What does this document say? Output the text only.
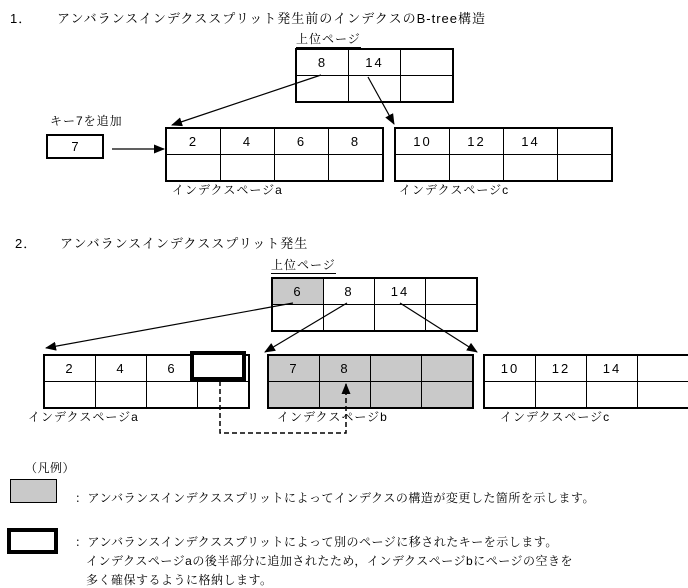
1．	アンバランスインデクススプリット発生前のインデクスのB-tree構造
上位ページ
8	14	

キー7を追加
7	2	4	6	8

インデクスページa
10	12	14	

インデクスページc
2．	アンバランスインデクススプリット発生
上位ページ
6	8	14	

2	4	6	

インデクスページa
7	8		

インデクスページb
10	12	14	

インデクスページc
（凡例）
：アンバランスインデクススプリットによってインデクスの構造が変更した箇所を示します。
：アンバランスインデクススプリットによって別のページに移されたキーを示します。
インデクスページaの後半部分に追加されたため，インデクスページbにページの空きを
多く確保するように格納します。
